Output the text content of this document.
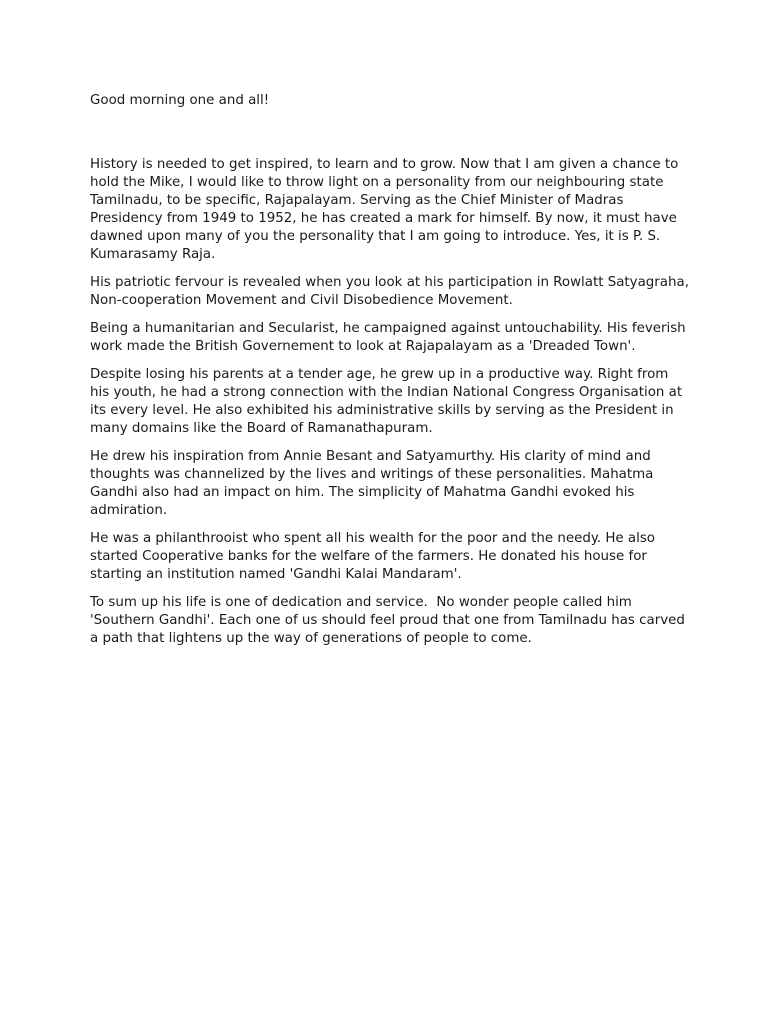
Good morning one and all!

History is needed to get inspired, to learn and to grow. Now that I am given a chance to hold the Mike, I would like to throw light on a personality from our neighbouring state Tamilnadu, to be specific, Rajapalayam. Serving as the Chief Minister of Madras Presidency from 1949 to 1952, he has created a mark for himself. By now, it must have dawned upon many of you the personality that I am going to introduce. Yes, it is P. S. Kumarasamy Raja.

His patriotic fervour is revealed when you look at his participation in Rowlatt Satyagraha, Non-cooperation Movement and Civil Disobedience Movement.

Being a humanitarian and Secularist, he campaigned against untouchability. His feverish work made the British Governement to look at Rajapalayam as a 'Dreaded Town'.

Despite losing his parents at a tender age, he grew up in a productive way. Right from his youth, he had a strong connection with the Indian National Congress Organisation at its every level. He also exhibited his administrative skills by serving as the President in many domains like the Board of Ramanathapuram.

He drew his inspiration from Annie Besant and Satyamurthy. His clarity of mind and thoughts was channelized by the lives and writings of these personalities. Mahatma Gandhi also had an impact on him. The simplicity of Mahatma Gandhi evoked his admiration.

He was a philanthrooist who spent all his wealth for the poor and the needy. He also started Cooperative banks for the welfare of the farmers. He donated his house for starting an institution named 'Gandhi Kalai Mandaram'.

To sum up his life is one of dedication and service.  No wonder people called him 'Southern Gandhi'. Each one of us should feel proud that one from Tamilnadu has carved  a path that lightens up the way of generations of people to come.
